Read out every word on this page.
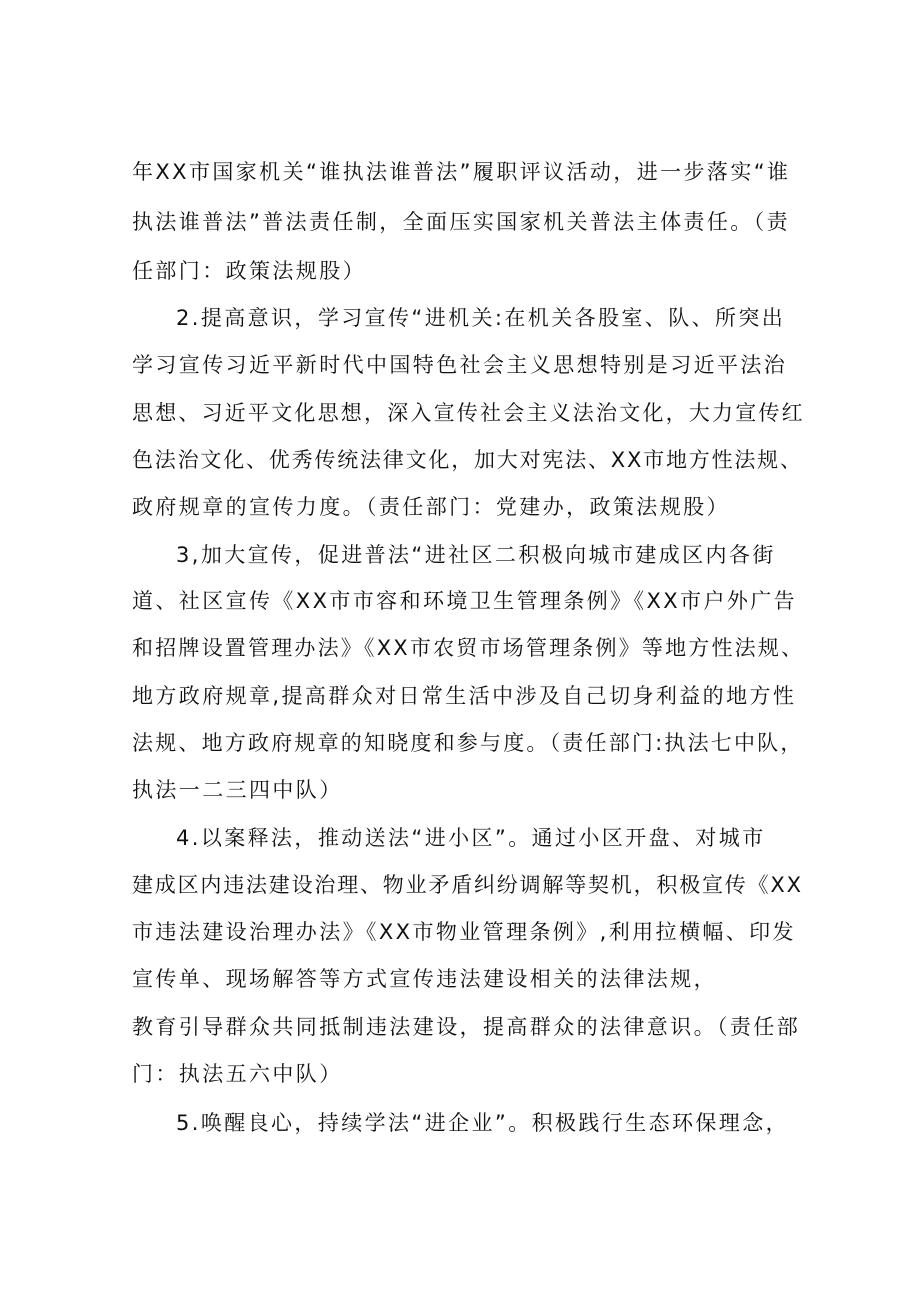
年XX市国家机关“谁执法谁普法”履职评议活动，进一步落实“谁
执法谁普法”普法责任制，全面压实国家机关普法主体责任。（责
任部门：政策法规股）
2.提高意识，学习宣传“进机关:在机关各股室、队、所突出
学习宣传习近平新时代中国特色社会主义思想特别是习近平法治
思想、习近平文化思想，深入宣传社会主义法治文化，大力宣传红
色法治文化、优秀传统法律文化，加大对宪法、XX市地方性法规、
政府规章的宣传力度。（责任部门：党建办，政策法规股）
3,加大宣传，促进普法“进社区二积极向城市建成区内各街
道、社区宣传《XX市市容和环境卫生管理条例》《XX市户外广告
和招牌设置管理办法》《XX市农贸市场管理条例》等地方性法规、
地方政府规章,提高群众对日常生活中涉及自己切身利益的地方性
法规、地方政府规章的知晓度和参与度。（责任部门:执法七中队，
执法一二三四中队）
4.以案释法，推动送法“进小区”。通过小区开盘、对城市
建成区内违法建设治理、物业矛盾纠纷调解等契机，积极宣传《XX
市违法建设治理办法》《XX市物业管理条例》,利用拉横幅、印发
宣传单、现场解答等方式宣传违法建设相关的法律法规，
教育引导群众共同抵制违法建设，提高群众的法律意识。（责任部
门：执法五六中队）
5.唤醒良心，持续学法“进企业”。积极践行生态环保理念，
